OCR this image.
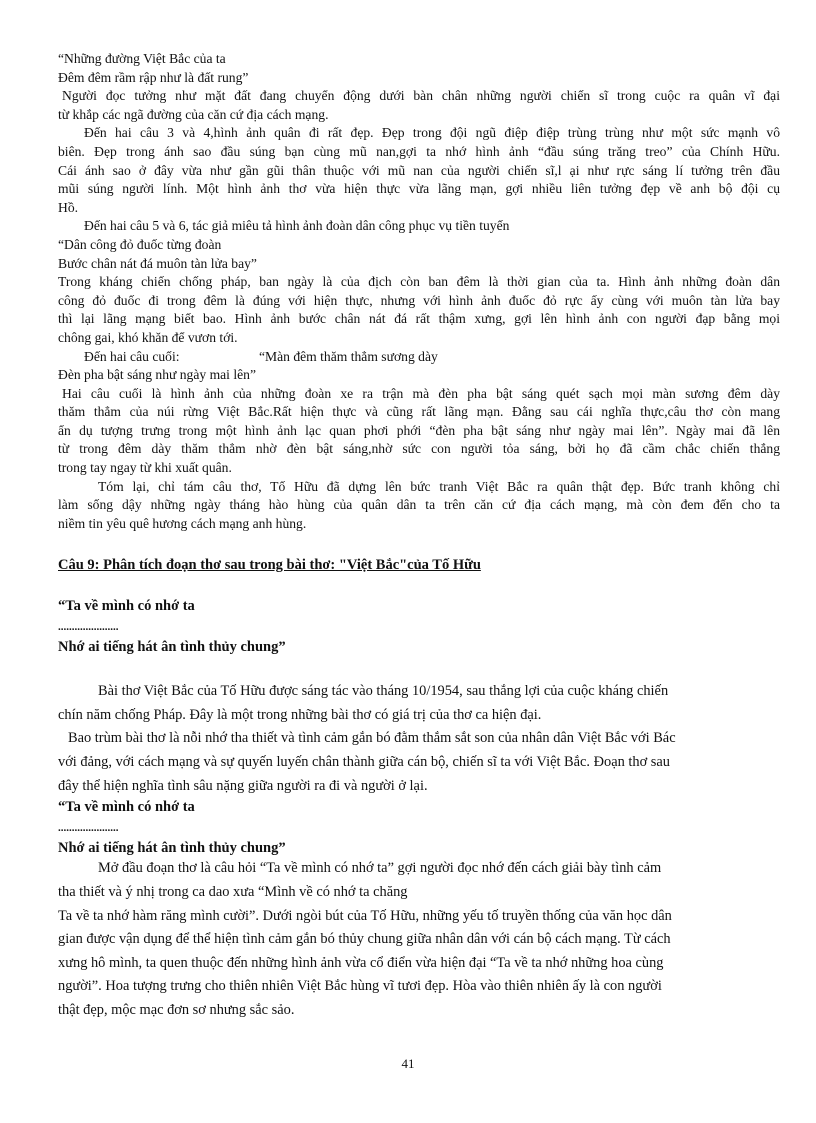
“Những đường Việt Bắc của ta
Đêm đêm rầm rập như là đất rung”
Người đọc tưởng như mặt đất đang chuyển động dưới bàn chân những người chiến sĩ trong cuộc ra quân vĩ đại
từ khắp các ngã đường của căn cứ địa cách mạng.
Đến hai câu 3 và 4,hình ảnh quân đi rất đẹp. Đẹp trong đội ngũ điệp điệp trùng trùng như một sức mạnh vô
biên. Đẹp trong ánh sao đầu súng bạn cùng mũ nan,gợi ta nhớ hình ảnh “đầu súng trăng treo” của Chính Hữu.
Cái ánh sao ở đây vừa như gần gũi thân thuộc với mũ nan của người chiến sĩ,l ại như rực sáng lí tưởng trên đầu
mũi súng người lính. Một hình ảnh thơ vừa hiện thực vừa lãng mạn, gợi nhiều liên tưởng đẹp về anh bộ đội cụ
Hồ.
Đến hai câu 5 và 6, tác giả miêu tả hình ảnh đoàn dân công phục vụ tiền tuyến
“Dân công đỏ đuốc từng đoàn
Bước chân nát đá muôn tàn lửa bay”
Trong kháng chiến chống pháp, ban ngày là của địch còn ban đêm là thời gian của ta. Hình ảnh những đoàn dân
công đỏ đuốc đi trong đêm là đúng với hiện thực, nhưng với hình ảnh đuốc đỏ rực ấy cùng với muôn tàn lửa bay
thì lại lãng mạng biết bao. Hình ảnh bước chân nát đá rất thậm xưng, gợi lên hình ảnh con người đạp bằng mọi
chông gai, khó khăn để vươn tới.
Đến hai câu cuối:	“Màn đêm thăm thẳm sương dày
Đèn pha bật sáng như ngày mai lên”
Hai câu cuối là hình ảnh của những đoàn xe ra trận mà đèn pha bật sáng quét sạch mọi màn sương đêm dày
thăm thẳm của núi rừng Việt Bắc.Rất hiện thực và cũng rất lãng mạn. Đằng sau cái nghĩa thực,câu thơ còn mang
ẩn dụ tượng trưng trong một hình ảnh lạc quan phơi phới “đèn pha bật sáng như ngày mai lên”. Ngày mai đã lên
từ trong đêm dày thăm thẳm nhờ đèn bật sáng,nhờ sức con người tỏa sáng, bởi họ đã cầm chắc chiến thắng
trong tay ngay từ khi xuất quân.
Tóm lại, chỉ tám câu thơ, Tố Hữu đã dựng lên bức tranh Việt Bắc ra quân thật đẹp. Bức tranh không chỉ
làm sống dậy những ngày tháng hào hùng của quân dân ta trên căn cứ địa cách mạng, mà còn đem đến cho ta
niềm tin yêu quê hương cách mạng anh hùng.
Câu 9: Phân tích đoạn thơ sau trong bài thơ: "Việt Bắc"của Tố Hữu
“Ta về mình có nhớ ta
......................
Nhớ ai tiếng hát ân tình thủy chung”
Bài thơ Việt Bắc của Tố Hữu được sáng tác vào tháng 10/1954, sau thắng lợi của cuộc kháng chiến
chín năm chống Pháp. Đây là một trong những bài thơ có giá trị của thơ ca hiện đại.
Bao trùm bài thơ là nỗi nhớ tha thiết và tình cảm gắn bó đằm thắm sắt son của nhân dân Việt Bắc với Bác
với đảng, với cách mạng và sự quyến luyến chân thành giữa cán bộ, chiến sĩ ta với Việt Bắc. Đoạn thơ sau
đây thể hiện nghĩa tình sâu nặng giữa người ra đi và người ở lại.
“Ta về mình có nhớ ta
......................
Nhớ ai tiếng hát ân tình thủy chung”
Mở đầu đoạn thơ là câu hỏi “Ta về mình có nhớ ta” gợi người đọc nhớ đến cách giải bày tình cảm
tha thiết và ý nhị trong ca dao xưa “Mình về có nhớ ta chăng
Ta về ta nhớ hàm răng mình cười”. Dưới ngòi bút của Tố Hữu, những yếu tố truyền thống của văn học dân
gian được vận dụng để thể hiện tình cảm gắn bó thủy chung giữa nhân dân với cán bộ cách mạng. Từ cách
xưng hô mình, ta quen thuộc đến những hình ảnh vừa cổ điển vừa hiện đại “Ta về ta nhớ những hoa cùng
người”. Hoa tượng trưng cho thiên nhiên Việt Bắc hùng vĩ tươi đẹp. Hòa vào thiên nhiên ấy là con người
thật đẹp, mộc mạc đơn sơ nhưng sắc sảo.
41
